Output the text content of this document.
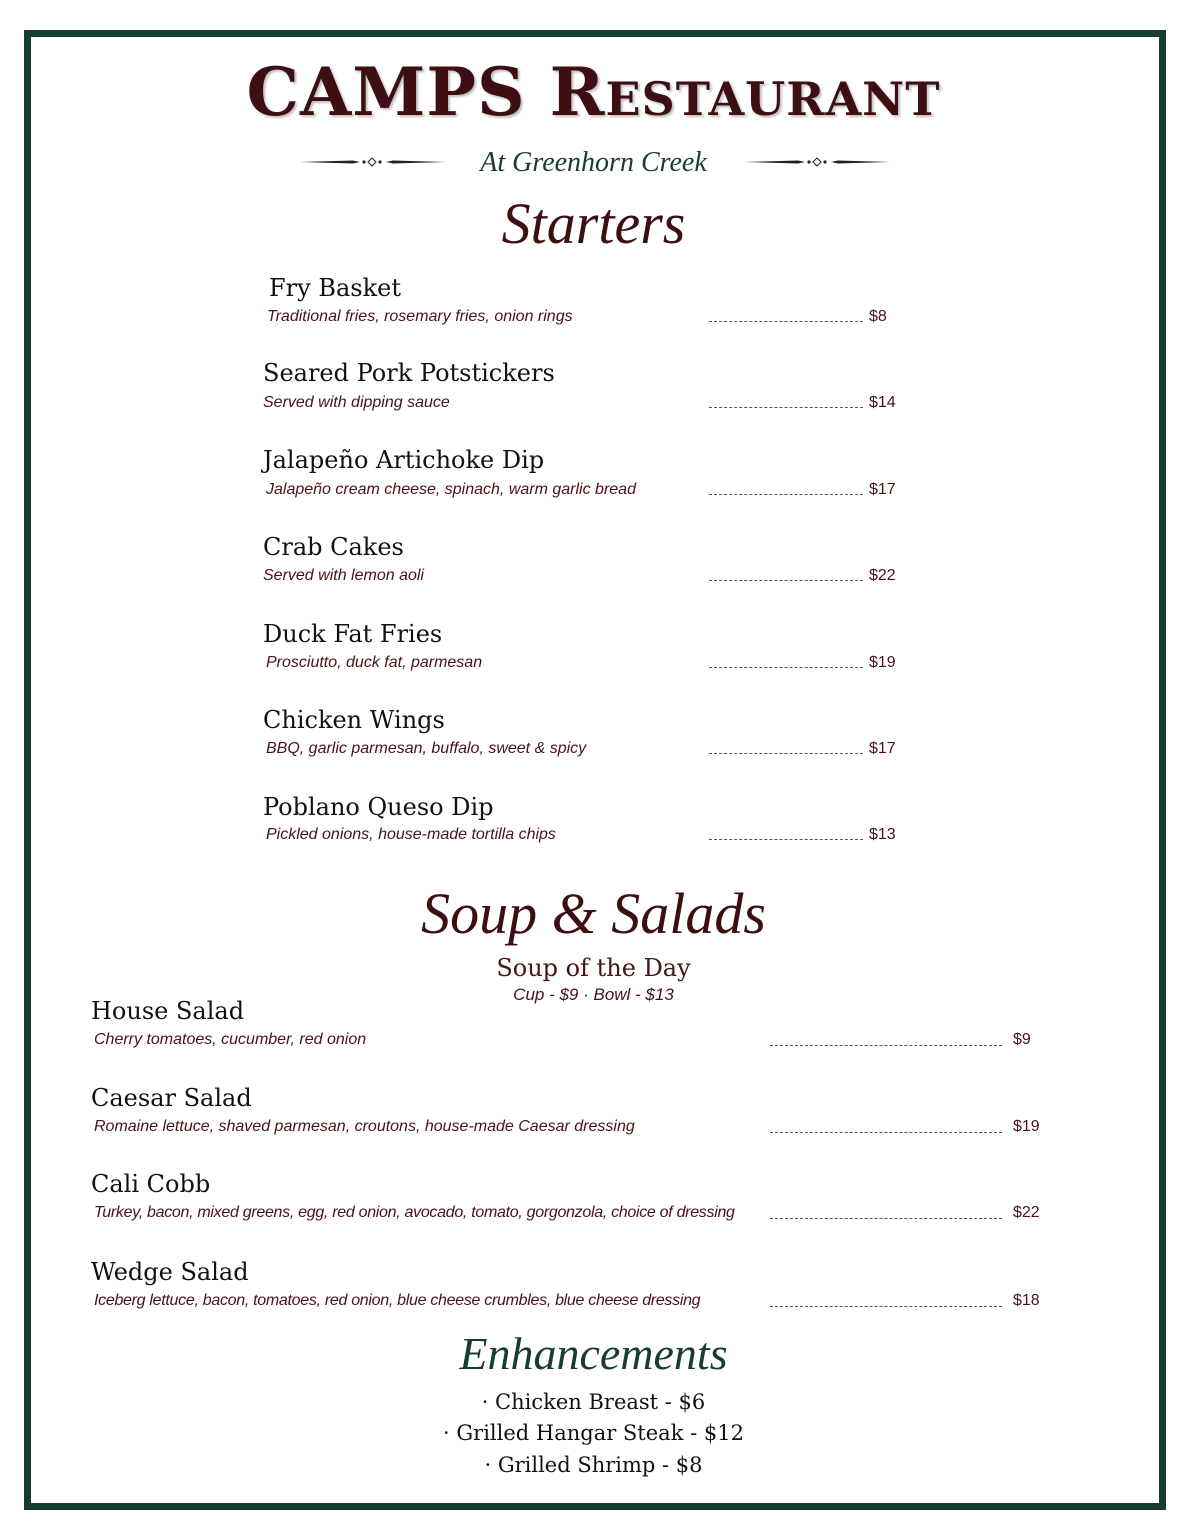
CAMPS Restaurant
At Greenhorn Creek
Starters
Fry Basket
Traditional fries, rosemary fries, onion rings	$8
Seared Pork Potstickers
Served with dipping sauce	$14
Jalapeño Artichoke Dip
Jalapeño cream cheese, spinach, warm garlic bread	$17
Crab Cakes
Served with lemon aoli	$22
Duck Fat Fries
Prosciutto, duck fat, parmesan	$19
Chicken Wings
BBQ, garlic parmesan, buffalo, sweet & spicy	$17
Poblano Queso Dip
Pickled onions, house-made tortilla chips	$13
Soup & Salads
Soup of the Day
Cup - $9 · Bowl - $13
House Salad
Cherry tomatoes, cucumber, red onion	$9
Caesar Salad
Romaine lettuce, shaved parmesan, croutons, house-made Caesar dressing	$19
Cali Cobb
Turkey, bacon, mixed greens, egg, red onion, avocado, tomato, gorgonzola, choice of dressing	$22
Wedge Salad
Iceberg lettuce, bacon, tomatoes, red onion, blue cheese crumbles, blue cheese dressing	$18
Enhancements
· Chicken Breast - $6
· Grilled Hangar Steak - $12
· Grilled Shrimp - $8
